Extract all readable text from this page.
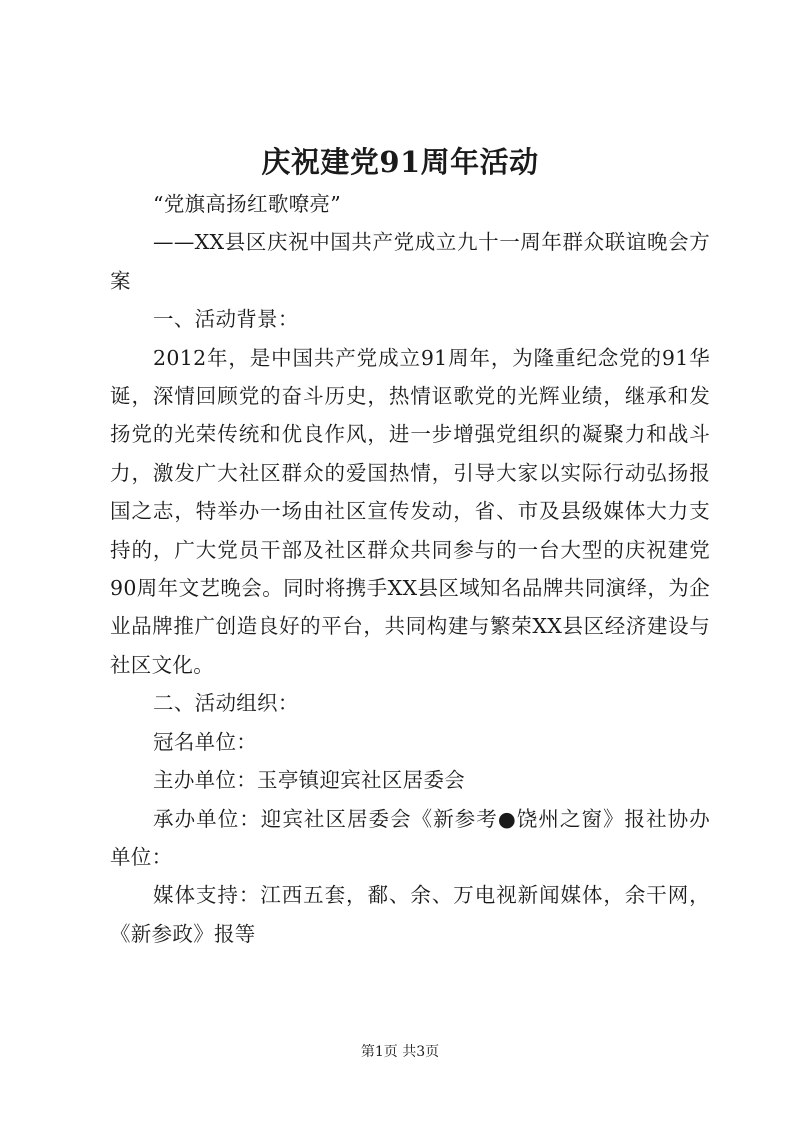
庆祝建党91周年活动

“党旗高扬红歌嘹亮”

——XX县区庆祝中国共产党成立九十一周年群众联谊晚会方案

一、活动背景：

2012年，是中国共产党成立91周年，为隆重纪念党的91华诞，深情回顾党的奋斗历史，热情讴歌党的光辉业绩，继承和发扬党的光荣传统和优良作风，进一步增强党组织的凝聚力和战斗力，激发广大社区群众的爱国热情，引导大家以实际行动弘扬报国之志，特举办一场由社区宣传发动，省、市及县级媒体大力支持的，广大党员干部及社区群众共同参与的一台大型的庆祝建党90周年文艺晚会。同时将携手XX县区域知名品牌共同演绎，为企业品牌推广创造良好的平台，共同构建与繁荣XX县区经济建设与社区文化。

二、活动组织：

冠名单位：

主办单位：玉亭镇迎宾社区居委会

承办单位：迎宾社区居委会《新参考●饶州之窗》报社协办单位：

媒体支持：江西五套，鄱、余、万电视新闻媒体，余干网，《新参政》报等

第1页 共3页
